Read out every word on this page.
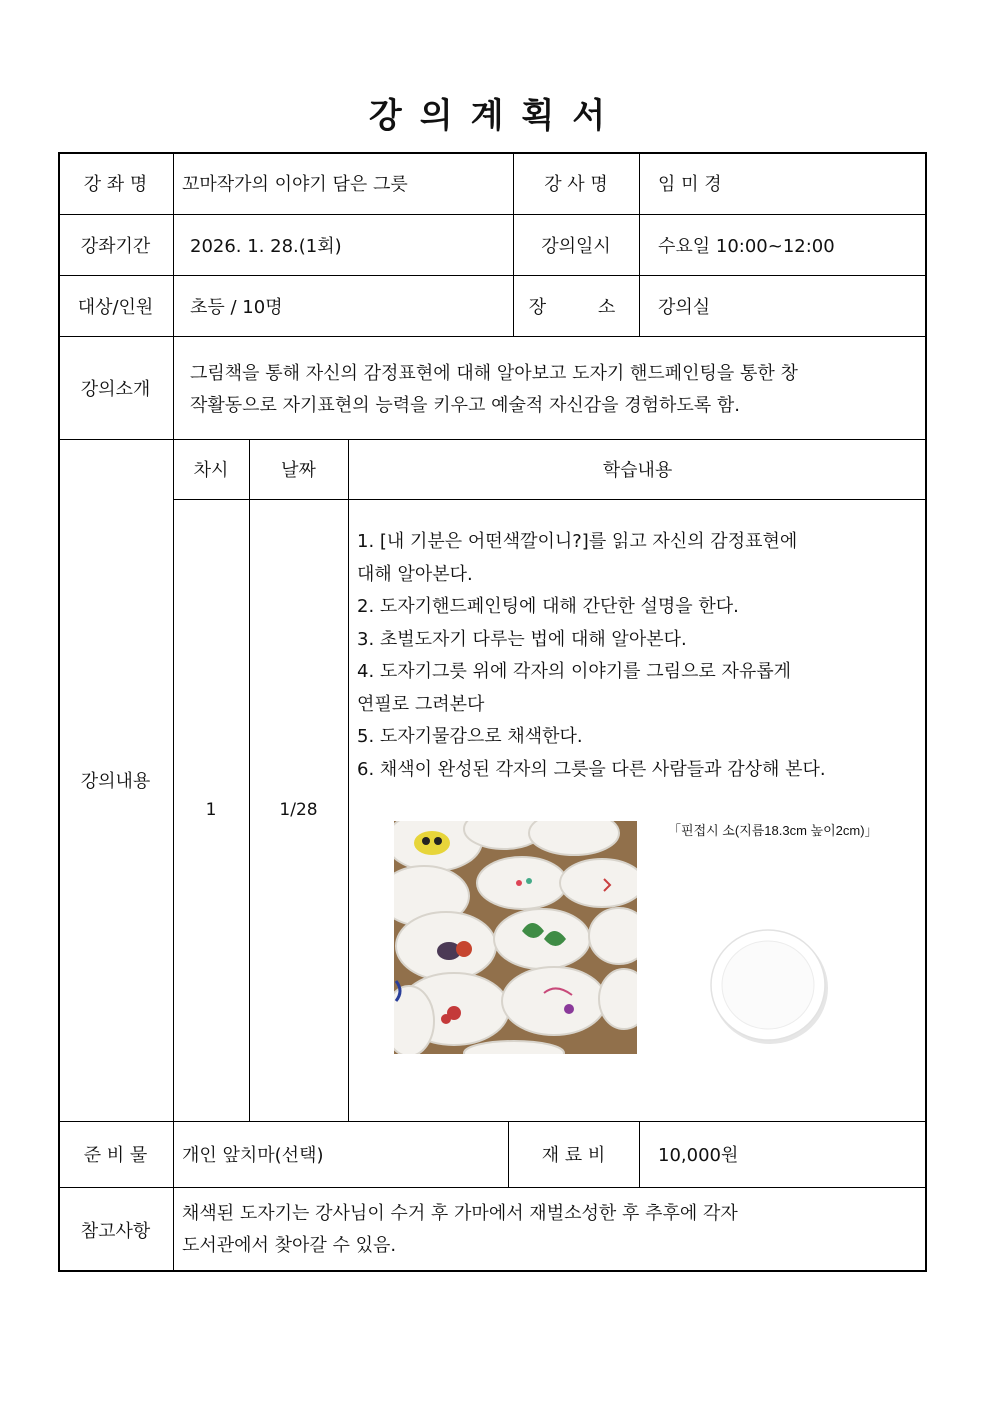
강의계획서
강 좌 명	꼬마작가의 이야기 담은 그릇	강 사 명	임 미 경
강좌기간	2026. 1. 28.(1회)	강의일시	수요일 10:00~12:00
대상/인원	초등 / 10명	장 소	강의실
강의소개
그림책을 통해 자신의 감정표현에 대해 알아보고 도자기 핸드페인팅을 통한 창
작활동으로 자기표현의 능력을 키우고 예술적 자신감을 경험하도록 함.
강의내용
차시	날짜	학습내용
1	1/28
1. [내 기분은 어떤색깔이니?]를 읽고 자신의 감정표현에
대해 알아본다.
2. 도자기핸드페인팅에 대해 간단한 설명을 한다.
3. 초벌도자기 다루는 법에 대해 알아본다.
4. 도자기그릇 위에 각자의 이야기를 그림으로 자유롭게
연필로 그려본다
5. 도자기물감으로 채색한다.
6. 채색이 완성된 각자의 그릇을 다른 사람들과 감상해 본다.
「핀접시 소(지름18.3cm 높이2cm)」
준 비 물	개인 앞치마(선택)	재 료 비	10,000원
참고사항
채색된 도자기는 강사님이 수거 후 가마에서 재벌소성한 후 추후에 각자
도서관에서 찾아갈 수 있음.
